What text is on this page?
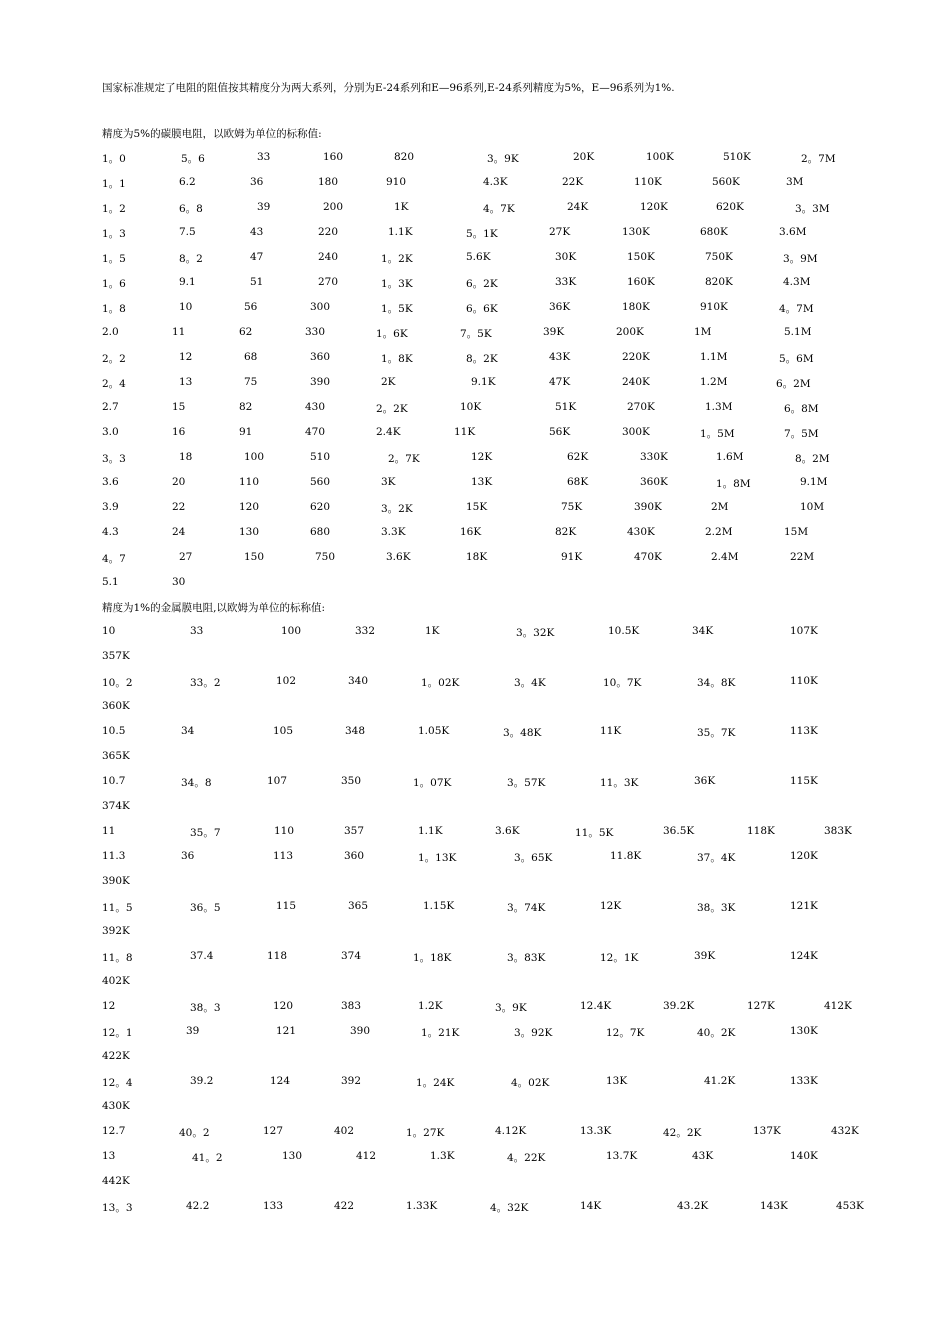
国家标准规定了电阻的阻值按其精度分为两大系列，分别为E-24系列和E—96系列,E-24系列精度为5%，E—96系列为1%.
精度为5%的碳膜电阻，以欧姆为单位的标称值:
1。0	5。6	33	160	820	3。9K	20K	100K	510K	2。7M
1。1	6.2	36	180	910	4.3K	22K	110K	560K	3M
1。2	6。8	39	200	1K	4。7K	24K	120K	620K	3。3M
1。3	7.5	43	220	1.1K	5。1K	27K	130K	680K	3.6M
1。5	8。2	47	240	1。2K	5.6K	30K	150K	750K	3。9M
1。6	9.1	51	270	1。3K	6。2K	33K	160K	820K	4.3M
1。8	10	56	300	1。5K	6。6K	36K	180K	910K	4。7M
2.0	11	62	330	1。6K	7。5K	39K	200K	1M	5.1M
2。2	12	68	360	1。8K	8。2K	43K	220K	1.1M	5。6M
2。4	13	75	390	2K	9.1K	47K	240K	1.2M	6。2M
2.7	15	82	430	2。2K	10K	51K	270K	1.3M	6。8M
3.0	16	91	470	2.4K	11K	56K	300K	1。5M	7。5M
3。3	18	100	510	2。7K	12K	62K	330K	1.6M	8。2M
3.6	20	110	560	3K	13K	68K	360K	1。8M	9.1M
3.9	22	120	620	3。2K	15K	75K	390K	2M	10M
4.3	24	130	680	3.3K	16K	82K	430K	2.2M	15M
4。7	27	150	750	3.6K	18K	91K	470K	2.4M	22M
5.1	30
精度为1%的金属膜电阻,以欧姆为单位的标称值:
10	33	100	332	1K	3。32K	10.5K	34K	107K
357K
10。2	33。2	102	340	1。02K	3。4K	10。7K	34。8K	110K
360K
10.5	34	105	348	1.05K	3。48K	11K	35。7K	113K
365K
10.7	34。8	107	350	1。07K	3。57K	11。3K	36K	115K
374K
11	35。7	110	357	1.1K	3.6K	11。5K	36.5K	118K	383K
11.3	36	113	360	1。13K	3。65K	11.8K	37。4K	120K
390K
11。5	36。5	115	365	1.15K	3。74K	12K	38。3K	121K
392K
11。8	37.4	118	374	1。18K	3。83K	12。1K	39K	124K
402K
12	38。3	120	383	1.2K	3。9K	12.4K	39.2K	127K	412K
12。1	39	121	390	1。21K	3。92K	12。7K	40。2K	130K
422K
12。4	39.2	124	392	1。24K	4。02K	13K	41.2K	133K
430K
12.7	40。2	127	402	1。27K	4.12K	13.3K	42。2K	137K	432K
13	41。2	130	412	1.3K	4。22K	13.7K	43K	140K
442K
13。3	42.2	133	422	1.33K	4。32K	14K	43.2K	143K	453K
